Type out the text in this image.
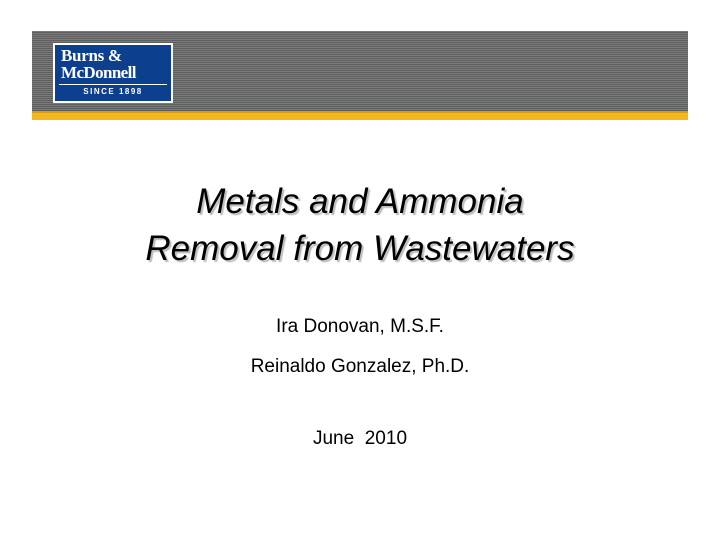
Burns &
McDonnell
SINCE 1898
Metals and Ammonia
Removal from Wastewaters
Ira Donovan, M.S.F.
Reinaldo Gonzalez, Ph.D.
June  2010
